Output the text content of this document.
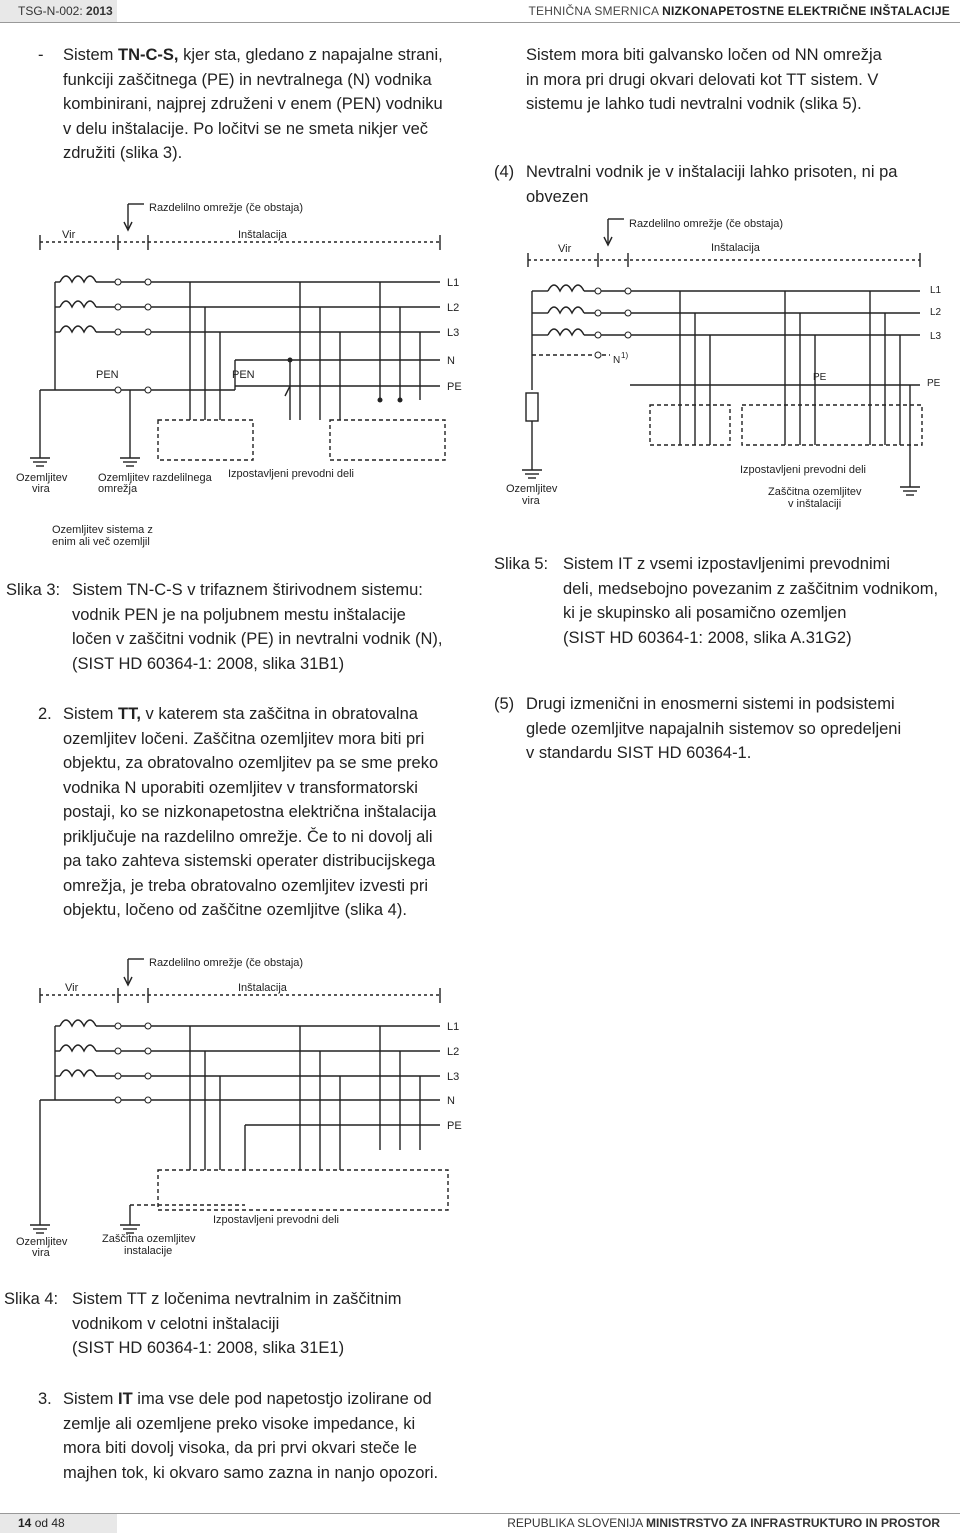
TSG-N-002: 2013	TEHNIČNA SMERNICA NIZKONAPETOSTNE ELEKTRIČNE INŠTALACIJE
- Sistem TN-C-S, kjer sta, gledano z napajalne strani,
funkciji zaščitnega (PE) in nevtralnega (N) vodnika
kombinirani, najprej združeni v enem (PEN) vodniku
v delu inštalacije. Po ločitvi se ne smeta nikjer več
združiti (slika 3).
Razdelilno omrežje (če obstaja)
Vir	Inštalacija
L1
L2
L3
N
PE
PEN	PEN
Ozemljitev
vira
Ozemljitev razdelilnega
omrežja
Izpostavljeni prevodni deli
Ozemljitev sistema z
enim ali več ozemljil
Slika 3: Sistem TN-C-S v trifaznem štirivodnem sistemu:
vodnik PEN je na poljubnem mestu inštalacije
ločen v zaščitni vodnik (PE) in nevtralni vodnik (N),
(SIST HD 60364-1: 2008, slika 31B1)
2. Sistem TT, v katerem sta zaščitna in obratovalna
ozemljitev ločeni. Zaščitna ozemljitev mora biti pri
objektu, za obratovalno ozemljitev pa se sme preko
vodnika N uporabiti ozemljitev v transformatorski
postaji, ko se nizkonapetostna električna inštalacija
priključuje na razdelilno omrežje. Če to ni dovolj ali
pa tako zahteva sistemski operater distribucijskega
omrežja, je treba obratovalno ozemljitev izvesti pri
objektu, ločeno od zaščitne ozemljitve (slika 4).
Razdelilno omrežje (če obstaja)
Vir	Inštalacija
L1
L2
L3
N
PE
Izpostavljeni prevodni deli
Ozemljitev
vira
Zaščitna ozemljitev
instalacije
Slika 4: Sistem TT z ločenima nevtralnim in zaščitnim
vodnikom v celotni inštalaciji
(SIST HD 60364-1: 2008, slika 31E1)
3. Sistem IT ima vse dele pod napetostjo izolirane od
zemlje ali ozemljene preko visoke impedance, ki
mora biti dovolj visoka, da pri prvi okvari steče le
majhen tok, ki okvaro samo zazna in nanjo opozori.
Sistem mora biti galvansko ločen od NN omrežja
in mora pri drugi okvari delovati kot TT sistem. V
sistemu je lahko tudi nevtralni vodnik (slika 5).
(4) Nevtralni vodnik je v inštalaciji lahko prisoten, ni pa
obvezen
Razdelilno omrežje (če obstaja)
Vir	Inštalacija
L1
L2
L3
N 1)
PE
PE
Izpostavljeni prevodni deli
Zaščitna ozemljitev
v inštalaciji
Ozemljitev
vira
Slika 5: Sistem IT z vsemi izpostavljenimi prevodnimi
deli, medsebojno povezanim z zaščitnim vodnikom,
ki je skupinsko ali posamično ozemljen
(SIST HD 60364-1: 2008, slika A.31G2)
(5) Drugi izmenični in enosmerni sistemi in podsistemi
glede ozemljitve napajalnih sistemov so opredeljeni
v standardu SIST HD 60364-1.
14 od 48	REPUBLIKA SLOVENIJA MINISTRSTVO ZA INFRASTRUKTURO IN PROSTOR
